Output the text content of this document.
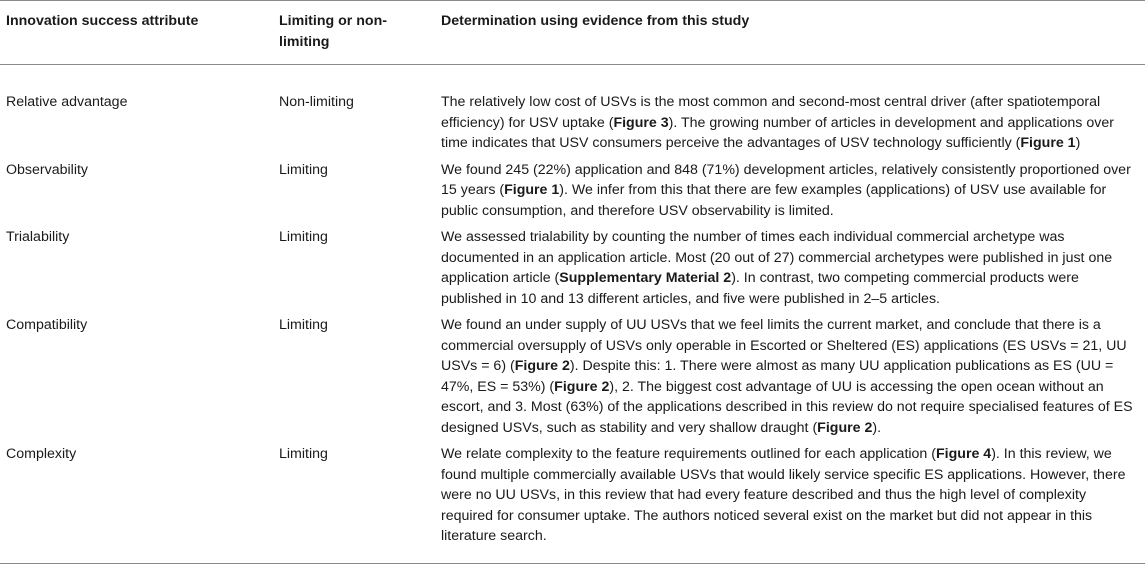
Innovation success attribute	Limiting or non-limiting	Determination using evidence from this study
Relative advantage	Non-limiting	The relatively low cost of USVs is the most common and second-most central driver (after spatiotemporal efficiency) for USV uptake (Figure 3). The growing number of articles in development and applications over time indicates that USV consumers perceive the advantages of USV technology sufficiently (Figure 1)
Observability	Limiting	We found 245 (22%) application and 848 (71%) development articles, relatively consistently proportioned over 15 years (Figure 1). We infer from this that there are few examples (applications) of USV use available for public consumption, and therefore USV observability is limited.
Trialability	Limiting	We assessed trialability by counting the number of times each individual commercial archetype was documented in an application article. Most (20 out of 27) commercial archetypes were published in just one application article (Supplementary Material 2). In contrast, two competing commercial products were published in 10 and 13 different articles, and five were published in 2–5 articles.
Compatibility	Limiting	We found an under supply of UU USVs that we feel limits the current market, and conclude that there is a commercial oversupply of USVs only operable in Escorted or Sheltered (ES) applications (ES USVs = 21, UU USVs = 6) (Figure 2). Despite this: 1. There were almost as many UU application publications as ES (UU = 47%, ES = 53%) (Figure 2), 2. The biggest cost advantage of UU is accessing the open ocean without an escort, and 3. Most (63%) of the applications described in this review do not require specialised features of ES designed USVs, such as stability and very shallow draught (Figure 2).
Complexity	Limiting	We relate complexity to the feature requirements outlined for each application (Figure 4). In this review, we found multiple commercially available USVs that would likely service specific ES applications. However, there were no UU USVs, in this review that had every feature described and thus the high level of complexity required for consumer uptake. The authors noticed several exist on the market but did not appear in this literature search.
